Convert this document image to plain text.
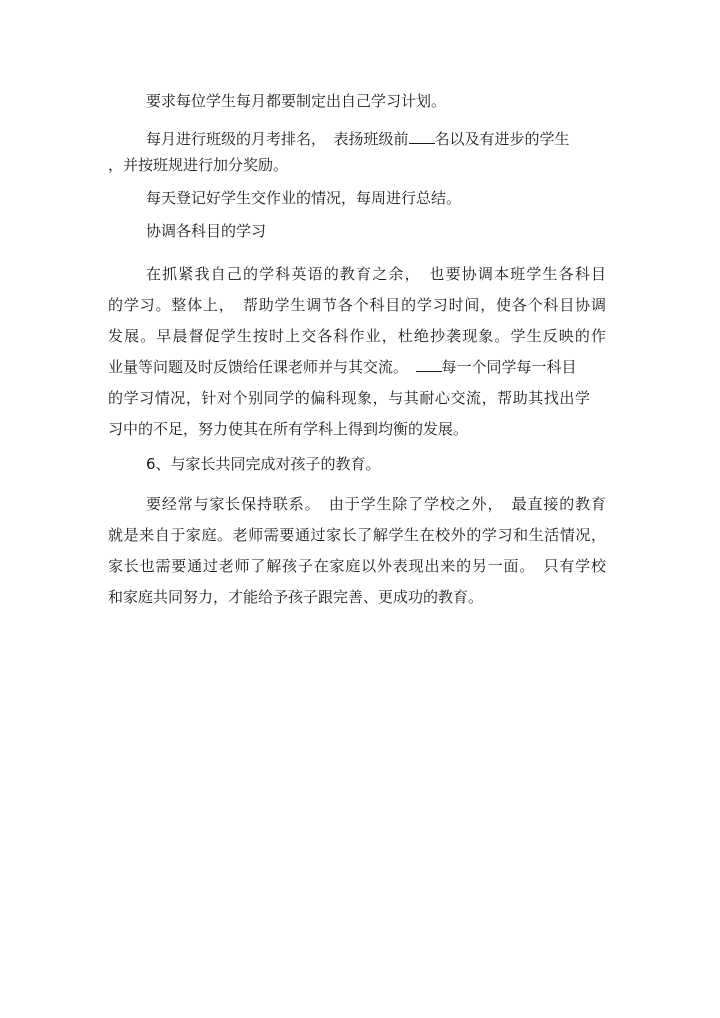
要求每位学生每月都要制定出自己学习计划。
每月进行班级的月考排名，　表扬班级前 名以及有进步的学生
，并按班规进行加分奖励。
每天登记好学生交作业的情况，每周进行总结。
协调各科目的学习
在抓紧我自己的学科英语的教育之余，　也要协调本班学生各科目
的学习。整体上，　帮助学生调节各个科目的学习时间，使各个科目协调
发展。早晨督促学生按时上交各科作业，杜绝抄袭现象。学生反映的作
业量等问题及时反馈给任课老师并与其交流。　	每一个同学每一科目
的学习情况，针对个别同学的偏科现象，与其耐心交流，帮助其找出学
习中的不足，努力使其在所有学科上得到均衡的发展。
6、与家长共同完成对孩子的教育。
要经常与家长保持联系。　由于学生除了学校之外，　最直接的教育
就是来自于家庭。老师需要通过家长了解学生在校外的学习和生活情况，
家长也需要通过老师了解孩子在家庭以外表现出来的另一面。　只有学校
和家庭共同努力，才能给予孩子跟完善、更成功的教育。
